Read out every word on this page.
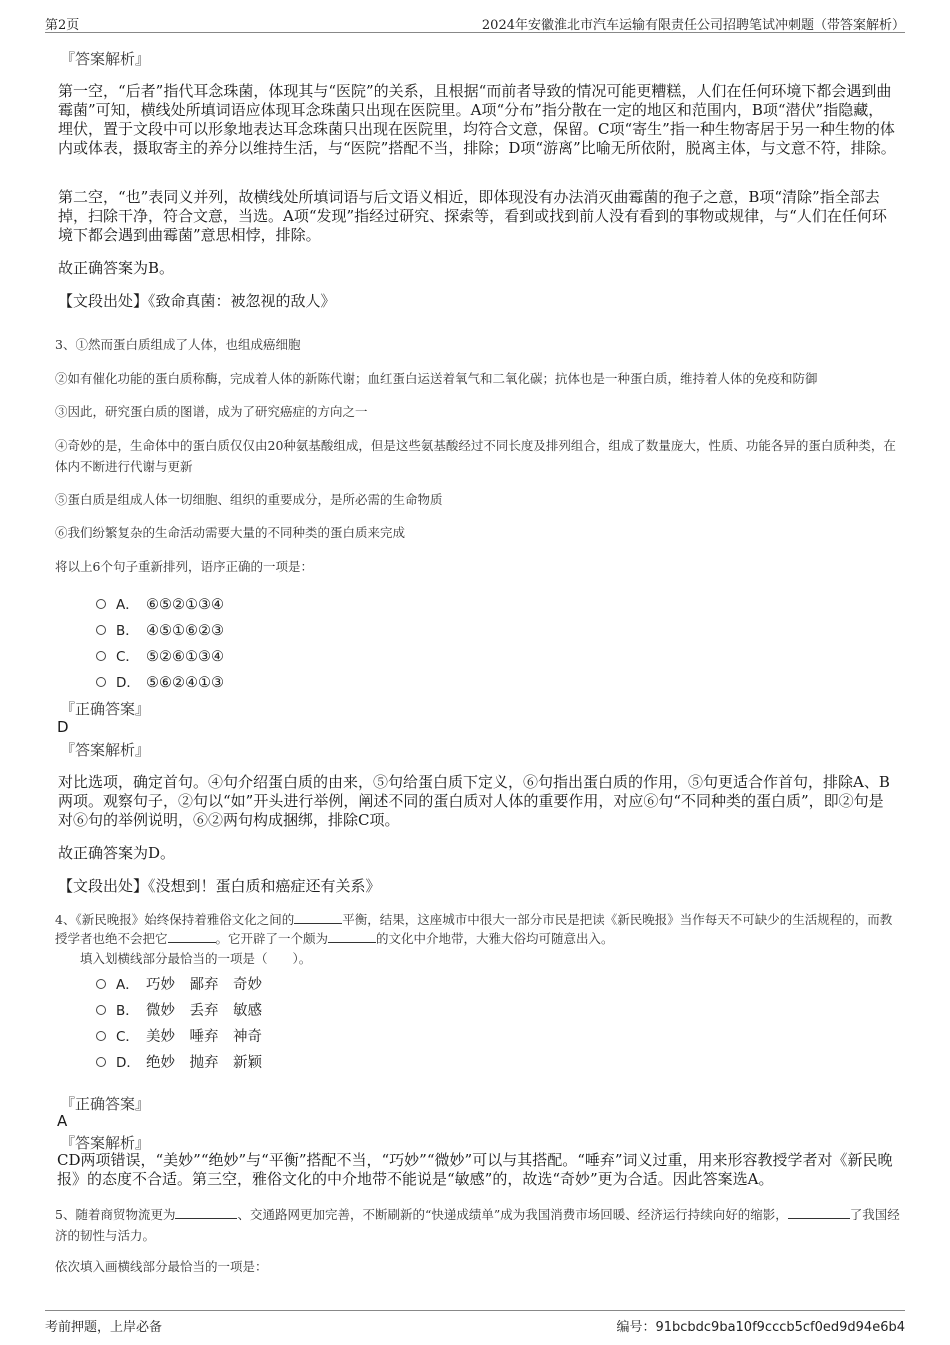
第2页	2024年安徽淮北市汽车运输有限责任公司招聘笔试冲刺题（带答案解析）
『答案解析』
第一空，“后者”指代耳念珠菌，体现其与“医院”的关系，且根据“而前者导致的情况可能更糟糕，人们在任何环境下都会遇到曲霉菌”可知，横线处所填词语应体现耳念珠菌只出现在医院里。A项“分布”指分散在一定的地区和范围内，B项“潜伏”指隐藏，埋伏，置于文段中可以形象地表达耳念珠菌只出现在医院里，均符合文意，保留。C项“寄生”指一种生物寄居于另一种生物的体内或体表，摄取寄主的养分以维持生活，与“医院”搭配不当，排除；D项“游离”比喻无所依附，脱离主体，与文意不符，排除。
第二空，“也”表同义并列，故横线处所填词语与后文语义相近，即体现没有办法消灭曲霉菌的孢子之意，B项“清除”指全部去掉，扫除干净，符合文意，当选。A项“发现”指经过研究、探索等，看到或找到前人没有看到的事物或规律，与“人们在任何环境下都会遇到曲霉菌”意思相悖，排除。
故正确答案为B。
【文段出处】《致命真菌：被忽视的敌人》
3、①然而蛋白质组成了人体，也组成癌细胞
②如有催化功能的蛋白质称酶，完成着人体的新陈代谢；血红蛋白运送着氧气和二氧化碳；抗体也是一种蛋白质，维持着人体的免疫和防御
③因此，研究蛋白质的图谱，成为了研究癌症的方向之一
④奇妙的是，生命体中的蛋白质仅仅由20种氨基酸组成，但是这些氨基酸经过不同长度及排列组合，组成了数量庞大，性质、功能各异的蛋白质种类，在体内不断进行代谢与更新
⑤蛋白质是组成人体一切细胞、组织的重要成分，是所必需的生命物质
⑥我们纷繁复杂的生命活动需要大量的不同种类的蛋白质来完成
将以上6个句子重新排列，语序正确的一项是：
A． ⑥⑤②①③④
B． ④⑤①⑥②③
C． ⑤②⑥①③④
D． ⑤⑥②④①③
『正确答案』
D
『答案解析』
对比选项，确定首句。④句介绍蛋白质的由来，⑤句给蛋白质下定义，⑥句指出蛋白质的作用，⑤句更适合作首句，排除A、B两项。观察句子，②句以“如”开头进行举例，阐述不同的蛋白质对人体的重要作用，对应⑥句“不同种类的蛋白质”，即②句是对⑥句的举例说明，⑥②两句构成捆绑，排除C项。
故正确答案为D。
【文段出处】《没想到！蛋白质和癌症还有关系》
4、《新民晚报》始终保持着雅俗文化之间的	平衡，结果，这座城市中很大一部分市民是把读《新民晚报》当作每天不可缺少的生活规程的，而教授学者也绝不会把它	。它开辟了一个颇为	的文化中介地带，大雅大俗均可随意出入。
填入划横线部分最恰当的一项是（　　）。
A． 巧妙　鄙弃　奇妙
B． 微妙　丢弃　敏感
C． 美妙　唾弃　神奇
D． 绝妙　抛弃　新颖
『正确答案』
A
『答案解析』
CD两项错误，“美妙”“绝妙”与“平衡”搭配不当，“巧妙”“微妙”可以与其搭配。“唾弃”词义过重，用来形容教授学者对《新民晚报》的态度不合适。第三空，雅俗文化的中介地带不能说是“敏感”的，故选“奇妙”更为合适。因此答案选A。
5、随着商贸物流更为	、交通路网更加完善，不断刷新的“快递成绩单”成为我国消费市场回暖、经济运行持续向好的缩影，	了我国经济的韧性与活力。
依次填入画横线部分最恰当的一项是：
考前押题，上岸必备	编号：91bcbdc9ba10f9cccb5cf0ed9d94e6b4
